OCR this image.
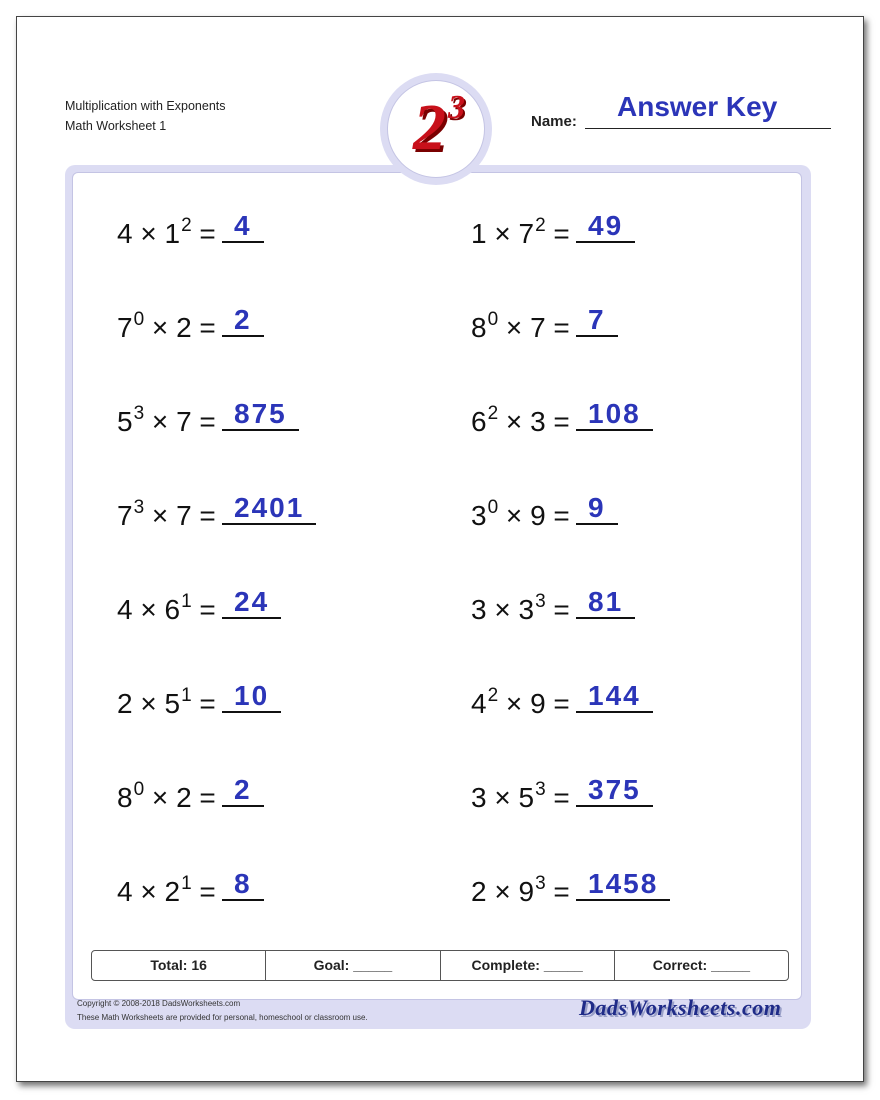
Multiplication with Exponents
Math Worksheet 1	Name: Answer Key
2 3
$4 \times 1^2 = 4$
$7^0 \times 2 = 2$
$5^3 \times 7 = 875$
$7^3 \times 7 = 2401$
$4 \times 6^1 = 24$
$2 \times 5^1 = 10$
$8^0 \times 2 = 2$
$4 \times 2^1 = 8$
$1 \times 7^2 = 49$
$8^0 \times 7 = 7$
$6^2 \times 3 = 108$
$3^0 \times 9 = 9$
$3 \times 3^3 = 81$
$4^2 \times 9 = 144$
$3 \times 5^3 = 375$
$2 \times 9^3 = 1458$
Total: 16	Goal: _____	Complete: _____	Correct: _____
Copyright © 2008-2018 DadsWorksheets.com
These Math Worksheets are provided for personal, homeschool or classroom use.	DadsWorksheets.com
